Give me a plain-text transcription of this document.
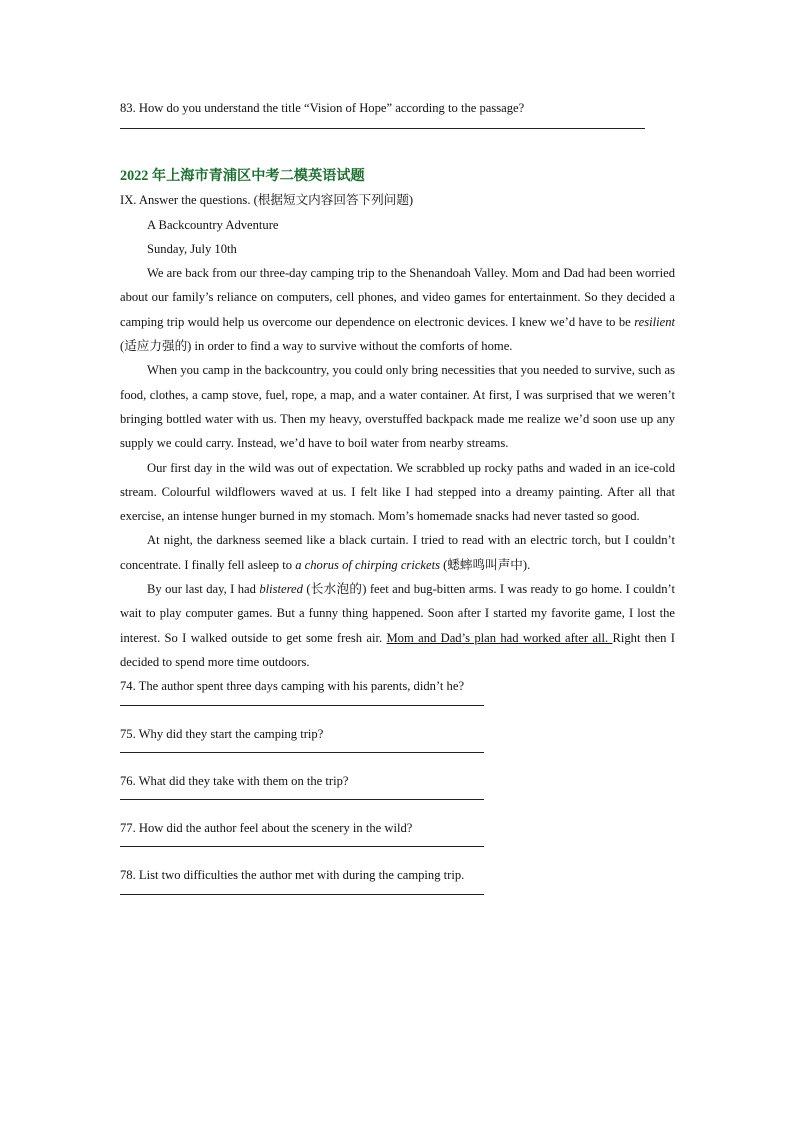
83. How do you understand the title “Vision of Hope” according to the passage?
2022 年上海市青浦区中考二模英语试题
IX. Answer the questions. (根据短文内容回答下列问题)
A Backcountry Adventure
Sunday, July 10th

We are back from our three-day camping trip to the Shenandoah Valley. Mom and Dad had been worried about our family’s reliance on computers, cell phones, and video games for entertainment. So they decided a camping trip would help us overcome our dependence on electronic devices. I knew we’d have to be resilient (适应力强的) in order to find a way to survive without the comforts of home.

When you camp in the backcountry, you could only bring necessities that you needed to survive, such as food, clothes, a camp stove, fuel, rope, a map, and a water container. At first, I was surprised that we weren’t bringing bottled water with us. Then my heavy, overstuffed backpack made me realize we’d soon use up any supply we could carry. Instead, we’d have to boil water from nearby streams.

Our first day in the wild was out of expectation. We scrabbled up rocky paths and waded in an ice-cold stream. Colourful wildflowers waved at us. I felt like I had stepped into a dreamy painting. After all that exercise, an intense hunger burned in my stomach. Mom’s homemade snacks had never tasted so good.

At night, the darkness seemed like a black curtain. I tried to read with an electric torch, but I couldn’t concentrate. I finally fell asleep to a chorus of chirping crickets (蟋蟀鸣叫声中).

By our last day, I had blistered (长水泡的) feet and bug-bitten arms. I was ready to go home. I couldn’t wait to play computer games. But a funny thing happened. Soon after I started my favorite game, I lost the interest. So I walked outside to get some fresh air. Mom and Dad’s plan had worked after all. Right then I decided to spend more time outdoors.

74. The author spent three days camping with his parents, didn’t he?
75. Why did they start the camping trip?
76. What did they take with them on the trip?
77. How did the author feel about the scenery in the wild?
78. List two difficulties the author met with during the camping trip.
